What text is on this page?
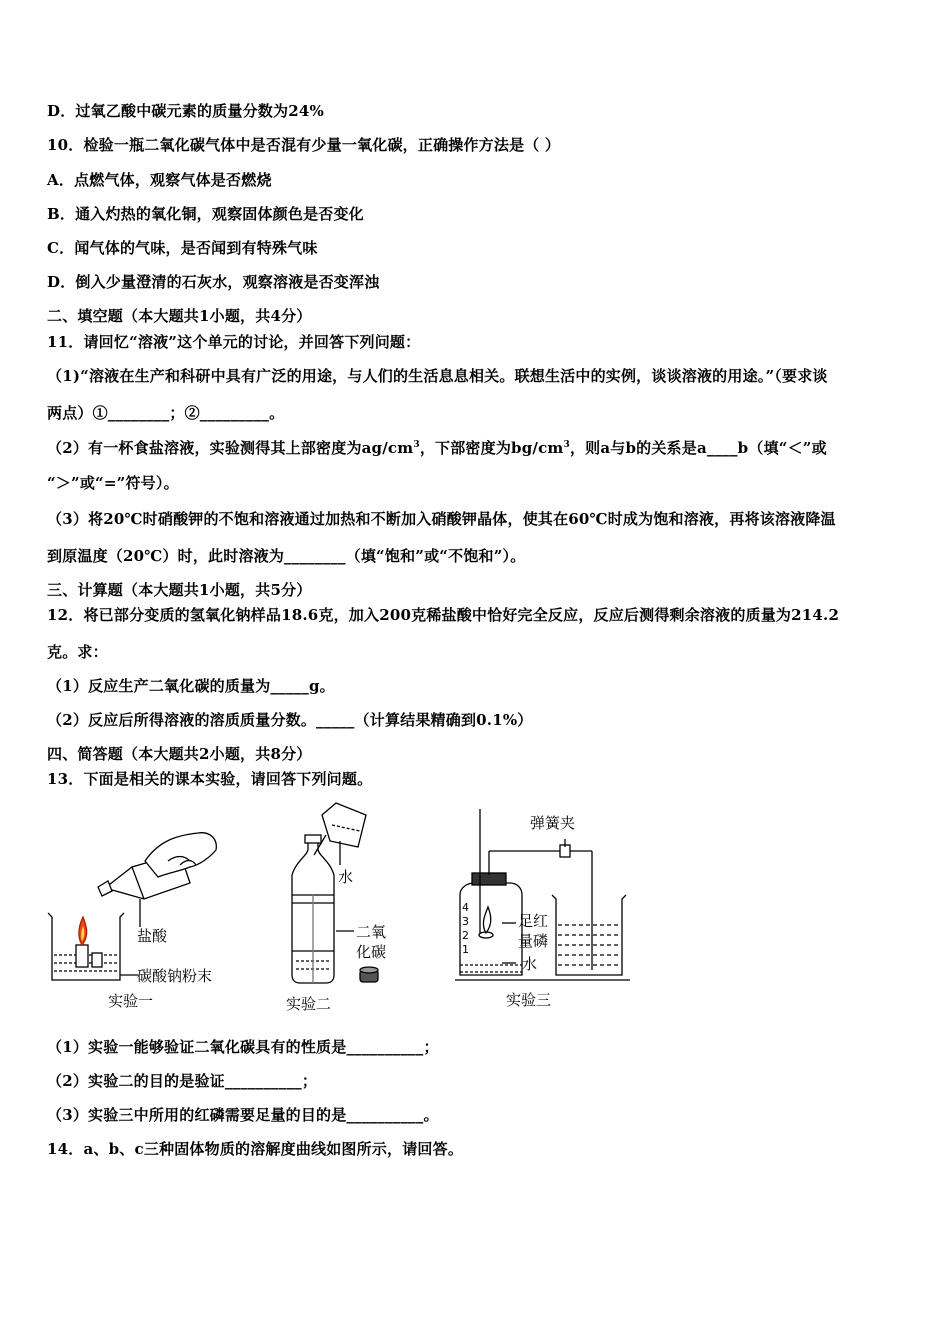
D．过氧乙酸中碳元素的质量分数为24%
10．检验一瓶二氧化碳气体中是否混有少量一氧化碳，正确操作方法是（ ）
A．点燃气体，观察气体是否燃烧
B．通入灼热的氧化铜，观察固体颜色是否变化
C．闻气体的气味，是否闻到有特殊气味
D．倒入少量澄清的石灰水，观察溶液是否变浑浊
二、填空题（本大题共1小题，共4分）
11．请回忆“溶液”这个单元的讨论，并回答下列问题：
（1)“溶液在生产和科研中具有广泛的用途，与人们的生活息息相关。联想生活中的实例，谈谈溶液的用途。”（要求谈
两点）①________；②_________。
（2）有一杯食盐溶液，实验测得其上部密度为$ag/cm^3$，下部密度为$bg/cm^3$，则a与b的关系是a____b（填“＜”或
“＞”或“=”符号）。
（3）将20℃时硝酸钾的不饱和溶液通过加热和不断加入硝酸钾晶体，使其在60℃时成为饱和溶液，再将该溶液降温
到原温度（20℃）时，此时溶液为________（填“饱和”或“不饱和”）。
三、计算题（本大题共1小题，共5分）
12．将已部分变质的氢氧化钠样品18.6克，加入200克稀盐酸中恰好完全反应，反应后测得剩余溶液的质量为214.2
克。求：
（1）反应生产二氧化碳的质量为_____g。
（2）反应后所得溶液的溶质质量分数。_____（计算结果精确到0.1%）
四、简答题（本大题共2小题，共8分）
13．下面是相关的课本实验，请回答下列问题。
盐酸
碳酸钠粉末
实验一
水
二氧
化碳
实验二
4
3
2
1
弹簧夹
足红
量磷
水
实验三
（1）实验一能够验证二氧化碳具有的性质是__________；
（2）实验二的目的是验证__________；
（3）实验三中所用的红磷需要足量的目的是__________。
14．a、b、c三种固体物质的溶解度曲线如图所示，请回答。
